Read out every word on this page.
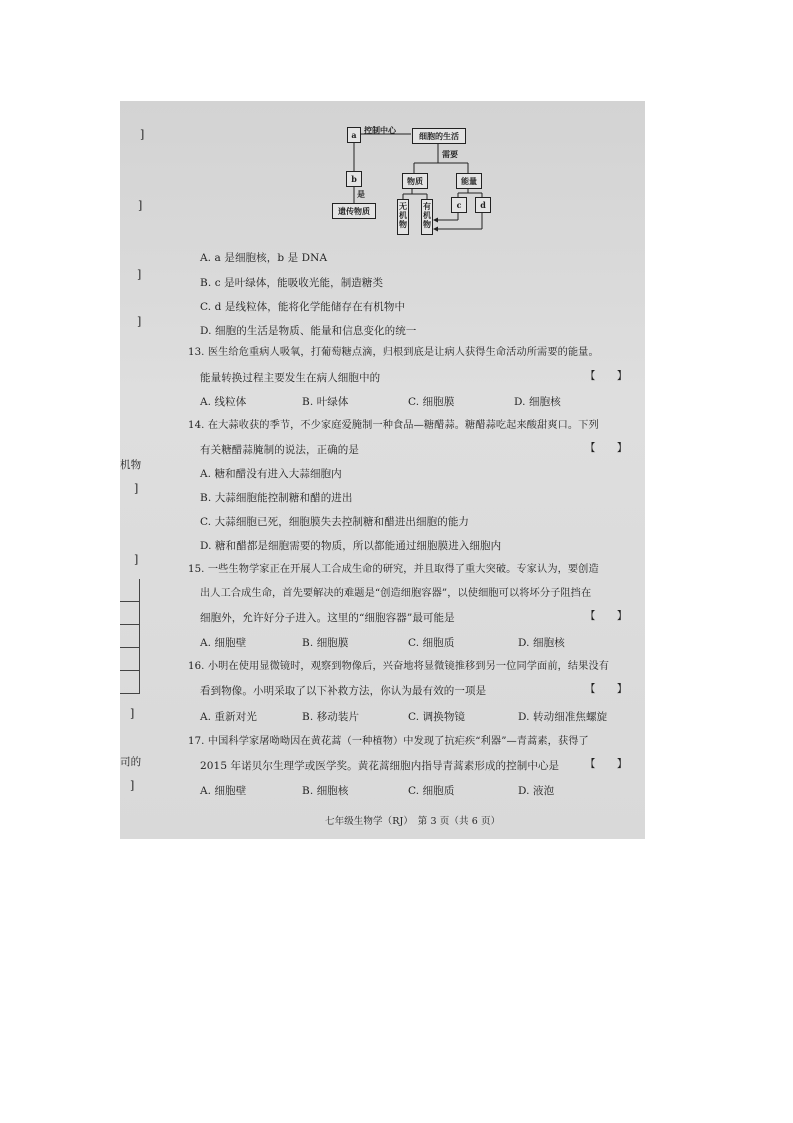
]
]
]
]
机物
]
]
]
司的
]
a 控制中心
细胞的生活
需要
b
是
遗传物质
物质	能量
无机物
有机物
c	d
A. a 是细胞核，b 是 DNA
B. c 是叶绿体，能吸收光能，制造糖类
C. d 是线粒体，能将化学能储存在有机物中
D. 细胞的生活是物质、能量和信息变化的统一
13. 医生给危重病人吸氧，打葡萄糖点滴，归根到底是让病人获得生命活动所需要的能量。
能量转换过程主要发生在病人细胞中的	【　　】
A. 线粒体	B. 叶绿体	C. 细胞膜	D. 细胞核
14. 在大蒜收获的季节，不少家庭爱腌制一种食品—糖醋蒜。糖醋蒜吃起来酸甜爽口。下列
有关糖醋蒜腌制的说法，正确的是	【　　】
A. 糖和醋没有进入大蒜细胞内
B. 大蒜细胞能控制糖和醋的进出
C. 大蒜细胞已死，细胞膜失去控制糖和醋进出细胞的能力
D. 糖和醋都是细胞需要的物质，所以都能通过细胞膜进入细胞内
15. 一些生物学家正在开展人工合成生命的研究，并且取得了重大突破。专家认为，要创造
出人工合成生命，首先要解决的难题是“创造细胞容器”，以使细胞可以将坏分子阻挡在
细胞外，允许好分子进入。这里的“细胞容器”最可能是	【　　】
A. 细胞壁	B. 细胞膜	C. 细胞质	D. 细胞核
16. 小明在使用显微镜时，观察到物像后，兴奋地将显微镜推移到另一位同学面前，结果没有
看到物像。小明采取了以下补救方法，你认为最有效的一项是	【　　】
A. 重新对光	B. 移动装片	C. 调换物镜	D. 转动细准焦螺旋
17. 中国科学家屠呦呦因在黄花蒿（一种植物）中发现了抗疟疾“利器”—青蒿素，获得了
2015 年诺贝尔生理学或医学奖。黄花蒿细胞内指导青蒿素形成的控制中心是 【　　】
A. 细胞壁	B. 细胞核	C. 细胞质	D. 液泡
七年级生物学（RJ）　第 3 页（共 6 页）
